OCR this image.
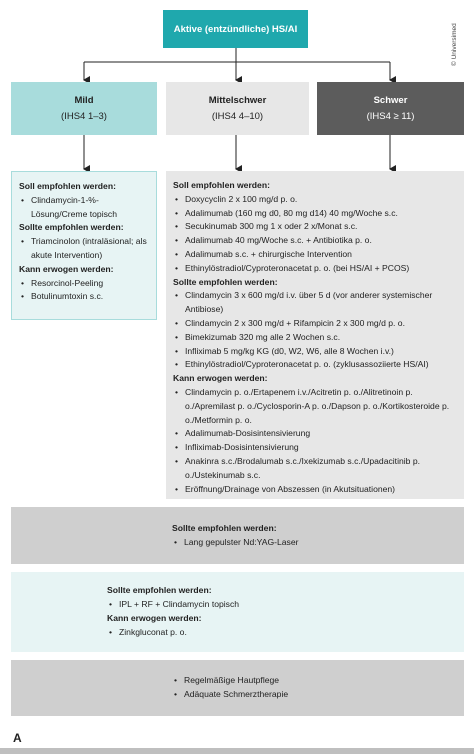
Aktive (entzündliche) HS/AI
Mild
(IHS4 1–3)
Mittelschwer
(IHS4 4–10)
Schwer
(IHS4 ≥ 11)
Soll empfohlen werden:
• Clindamycin-1-%-Lösung/Creme topisch
Sollte empfohlen werden:
• Triamcinolon (intraläsional; als akute Intervention)
Kann erwogen werden:
• Resorcinol-Peeling
• Botulinumtoxin s.c.
Soll empfohlen werden:
• Doxycyclin 2 x 100 mg/d p. o.
• Adalimumab (160 mg d0, 80 mg d14) 40 mg/Woche s.c.
• Secukinumab 300 mg 1 x oder 2 x/Monat s.c.
• Adalimumab 40 mg/Woche s.c. + Antibiotika p. o.
• Adalimumab s.c. + chirurgische Intervention
• Ethinylöstradiol/Cyproteronacetat p. o. (bei HS/AI + PCOS)
Sollte empfohlen werden:
• Clindamycin 3 x 600 mg/d i.v. über 5 d (vor anderer systemischer Antibiose)
• Clindamycin 2 x 300 mg/d + Rifampicin 2 x 300 mg/d p. o.
• Bimekizumab 320 mg alle 2 Wochen s.c.
• Infliximab 5 mg/kg KG (d0, W2, W6, alle 8 Wochen i.v.)
• Ethinylöstradiol/Cyproteronacetat p. o. (zyklusassoziierte HS/AI)
Kann erwogen werden:
• Clindamycin p. o./Ertapenem i.v./Acitretin p. o./Alitretinoin p. o./Apremilast p. o./Cyclosporin-A p. o./Dapson p. o./Kortikosteroide p. o./Metformin p. o.
• Adalimumab-Dosisintensivierung
• Infliximab-Dosisintensivierung
• Anakinra s.c./Brodalumab s.c./Ixekizumab s.c./Upadacitinib p. o./Ustekinumab s.c.
• Eröffnung/Drainage von Abszessen (in Akutsituationen)
Sollte empfohlen werden:
• Lang gepulster Nd:YAG-Laser
Sollte empfohlen werden:
• IPL + RF + Clindamycin topisch
Kann erwogen werden:
• Zinkgluconat p. o.
• Regelmäßige Hautpflege
• Adäquate Schmerztherapie
A
© Universimed
